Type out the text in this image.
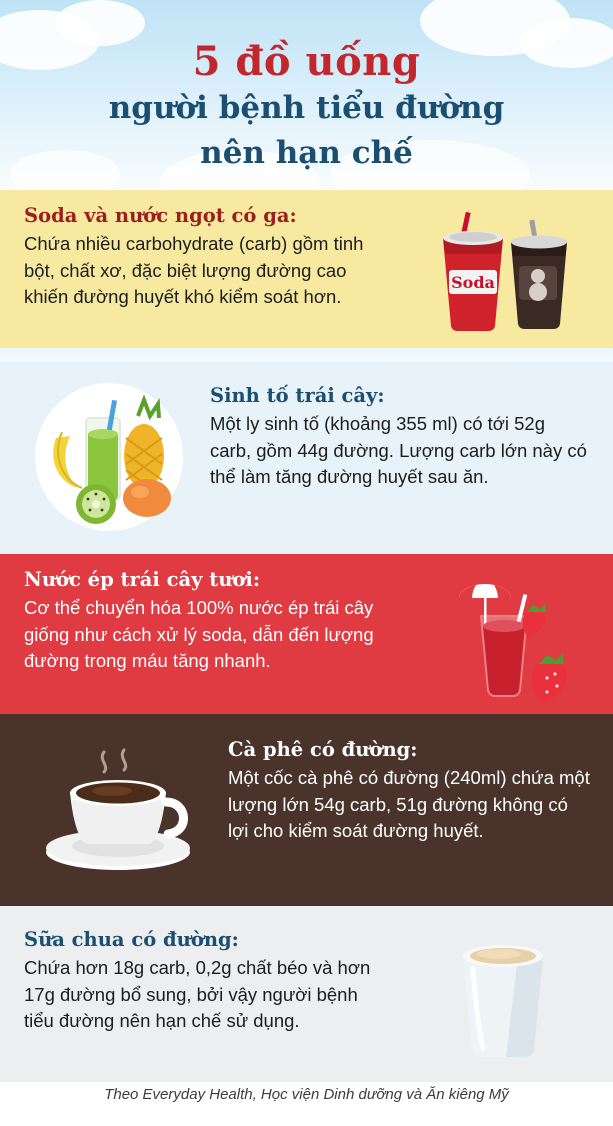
5 đồ uống
người bệnh tiểu đường
nên hạn chế
Soda và nước ngọt có ga:
Chứa nhiều carbohydrate (carb) gồm tinh bột, chất xơ, đặc biệt lượng đường cao khiến đường huyết khó kiểm soát hơn.
Soda
Sinh tố trái cây:
Một ly sinh tố (khoảng 355 ml) có tới 52g carb, gồm 44g đường. Lượng carb lớn này có thể làm tăng đường huyết sau ăn.
Nước ép trái cây tươi:
Cơ thể chuyển hóa 100% nước ép trái cây giống như cách xử lý soda, dẫn đến lượng đường trong máu tăng nhanh.
Cà phê có đường:
Một cốc cà phê có đường (240ml) chứa một lượng lớn 54g carb, 51g đường không có lợi cho kiểm soát đường huyết.
Sữa chua có đường:
Chứa hơn 18g carb, 0,2g chất béo và hơn 17g đường bổ sung, bởi vậy người bệnh tiểu đường nên hạn chế sử dụng.
Theo Everyday Health, Học viện Dinh dưỡng và Ăn kiêng Mỹ
